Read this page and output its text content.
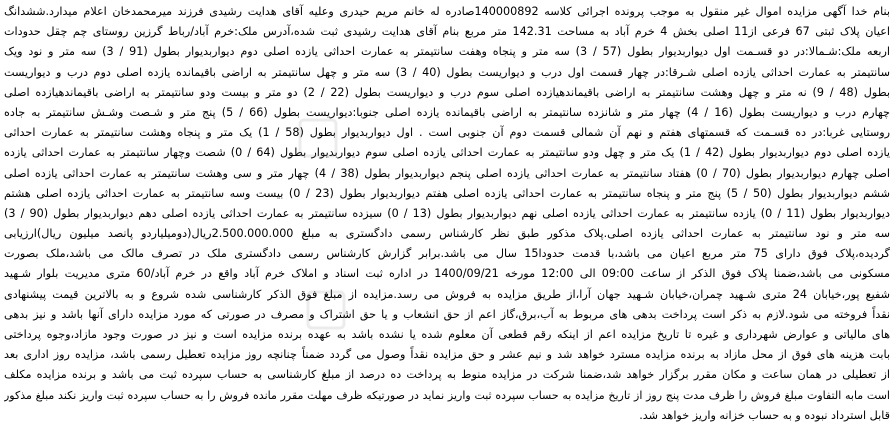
بنام خدا آگهی مزایده اموال غیر منقول به موجب پرونده اجرائی کلاسه 140000892صادره له خانم مریم حیدری وعلیه آقای هدایت رشیدی فرزند میرمحمدخان اعلام میدارد.ششدانگ
اعیان پلاک ثبتی 67 فرعی از11 اصلی بخش 4 خرم آباد به مساحت 142.31 متر مربع بنام آقای هدایت رشیدی ثبت شده،آدرس ملک:خرم آباد/رباط گرزین روستای چم چقل حدودات
اربعه ملک:شـمالا:در دو قسـمت اول دیواربدیوار بطول (57 / 3) سه متر و پنجاه وهفت سانتیمتر به عمارت احداثی یازده اصلی دوم دیواربدیوار بطول (91 / 3) سه متر و نود ویک
سانتیمتر به عمارت احداثی یازده اصلی شـرقا:در چهار قسمت اول درب و دیواریست بطول (40 / 3) سه متر و چهل سانتیمتر به اراضی باقیمانده یازده اصلی دوم درب و دیواریست
بطول (48 / 9) نه متر و چهل وهشت سانتیمتر به اراضی باقیماندهیازده اصلی سوم درب و دیواریست بطول (22 / 2) دو متر و بیست ودو سانتیمتر به اراضی باقیماندهیازده اصلی
چهارم درب و دیواریست بطول (16 / 4) چهار متر و شانزده سانتیمتر به اراضی باقیمانده یازده اصلی جنوبا:دیواریست بطول (66 / 5) پنج متر و شـصت وشـش سانتیمتر به جاده
روستایی غربا:در ده قسـمت که قسمتهای هفتم و نهم آن شمالی قسمت دوم آن جنوبی است . اول دیواربدیوار بطول (58 / 1) یک متر و پنجاه وهشت سانتیمتر به عمارت احداثی
یازده اصلی دوم دیواربدیوار بطول (42 / 1) یک متر و چهل ودو سانتیمتر به عمارت احداثی یازده اصلی سوم دیواربدیوار بطول (64 / 0) شصت وچهار سانتیمتر به عمارت احداثی یازده
اصلی چهارم دیواربدیوار بطول (70 / 0) هفتاد سانتیمتر به عمارت احداثی یازده اصلی پنجم دیواربدیوار بطول (38 / 4) چهار متر و سی وهشت سانتیمتر به عمارت احداثی یازده اصلی
ششم دیواربدیوار بطول (50 / 5) پنج متر و پنجاه سانتیمتر به عمارت احداثی یازده اصلی هفتم دیواربدیوار بطول (23 / 0) بیست وسه سانتیمتر به عمارت احداثی یازده اصلی هشتم
دیواربدیوار بطول (11 / 0) یازده سانتیمتر به عمارت احداثی یازده اصلی نهم دیواربدیوار بطول (13 / 0) سیزده سانتیمتر به عمارت احداثی یازده اصلی دهم دیواربدیوار بطول (90 / 3)
سه متر و نود سانتیمتر به عمارت احداثی یازده اصلی.پلاک مذکور طبق نظر کارشناس رسمی دادگستری به مبلغ 2.500.000.000ریال(دومیلیاردو پانصد میلیون ریال)ارزیابی
گردیده،پلاک فوق دارای 75 متر مربع اعیان می باشد،با قدمت حدودا15 سال می باشد.برابر گزارش کارشناس رسمی دادگستری ملک در تصرف مالک می باشد،ملک بصورت
مسکونی می باشد،ضمنا پلاک فوق الذکر از ساعت 09:00 الی 12:00 مورخه 1400/09/21 در اداره ثبت اسناد و املاک خرم آباد واقع در خرم آباد/60 متری مدیریت بلوار شـهید
شفیع پور،خیابان 24 متری شـهید چمران،خیابان شـهید جهان آرا،از طریق مزایده به فروش می رسد.مزایده از مبلغ فوق الذکر کارشناسی شده شروع و به بالاترین قیمت پیشنهادی
نقداً فروخته می شود.لازم به ذکر است پرداخت بدهی های مربوط به آب،برق،گاز اعم از حق انشعاب و یا حق اشتراک و مصرف در صورتی که مورد مزایده دارای آنها باشد و نیز بدهی
های مالیاتی و عوارض شهرداری و غیره تا تاریخ مزایده اعم از اینکه رقم قطعی آن معلوم شده یا نشده باشد به عهده برنده مزایده است و نیز در صورت وجود مازاد،وجوه پرداختی
بابت هزینه های فوق از محل مازاد به برنده مزایده مسترد خواهد شد و نیم عشر و حق مزایده نقداً وصول می گردد ضمناً چنانچه روز مزایده تعطیل رسمی باشد، مزایده روز اداری بعد
از تعطیلی در همان ساعت و مکان مقرر برگزار خواهد شد،ضمنا شرکت در مزایده منوط به پرداخت ده درصد از مبلغ کارشناسی به حساب سپرده ثبت می باشد و برنده مزایده مکلف
است مابه التفاوت مبلغ فروش را ظرف مدت پنج روز از تاریخ مزایده به حساب سپرده ثبت واریز نماید در صورتیکه ظرف مهلت مقرر مانده فروش را به حساب سپرده ثبت واریز نکند مبلغ مذکور
قابل استرداد نبوده و به حساب خزانه واریز خواهد شد.
